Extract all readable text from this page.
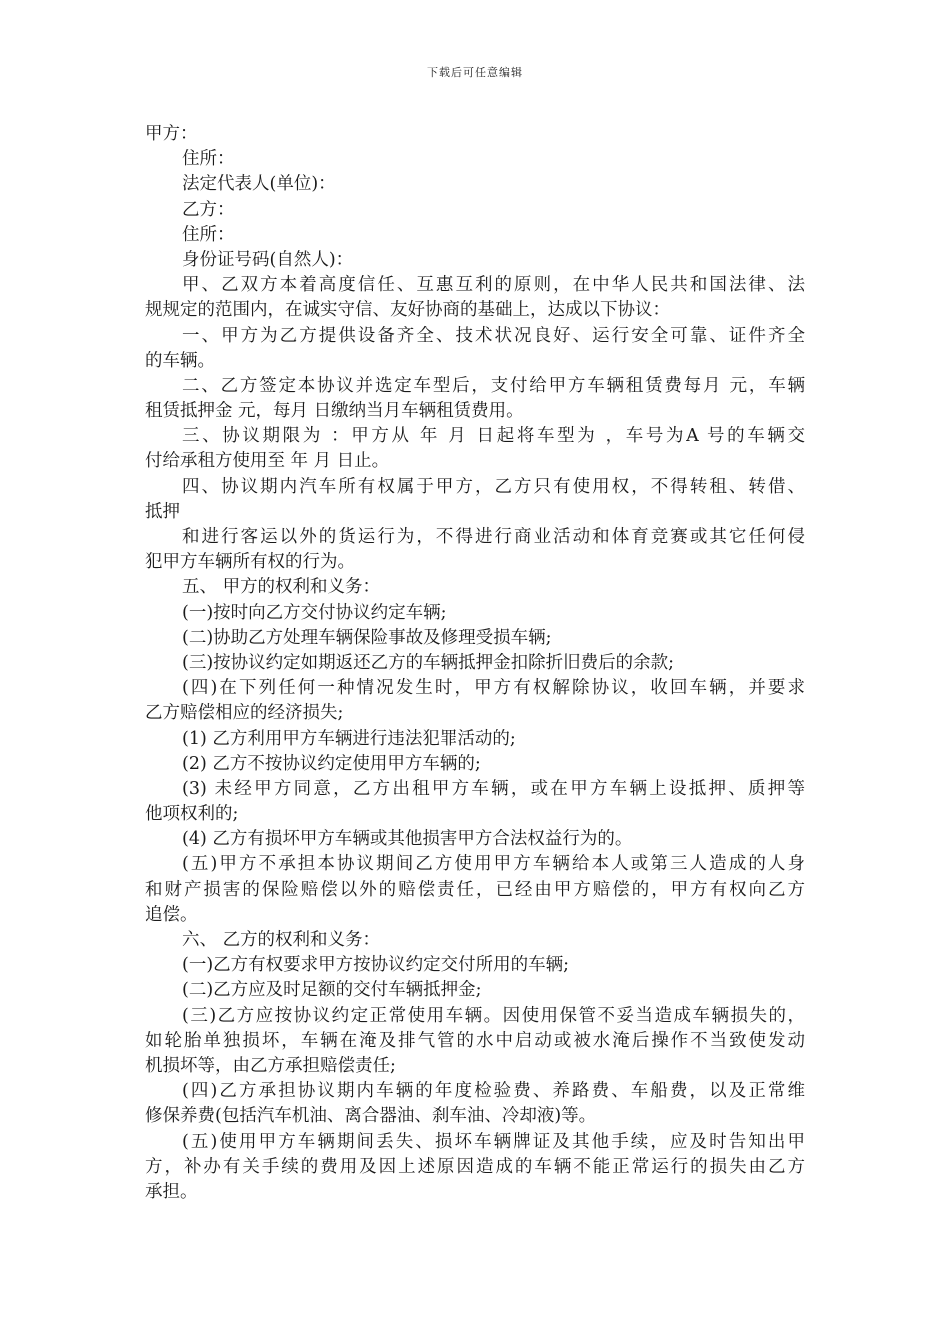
下载后可任意编辑
甲方：
住所：
法定代表人(单位)：
乙方：
住所：
身份证号码(自然人)：
甲、乙双方本着高度信任、互惠互利的原则，在中华人民共和国法律、法
规规定的范围内，在诚实守信、友好协商的基础上，达成以下协议：
一、甲方为乙方提供设备齐全、技术状况良好、运行安全可靠、证件齐全
的车辆。
二、乙方签定本协议并选定车型后，支付给甲方车辆租赁费每月 元，车辆
租赁抵押金 元，每月 日缴纳当月车辆租赁费用。
三、协议期限为 ：甲方从 年 月 日起将车型为 ，车号为A 号的车辆交
付给承租方使用至 年 月 日止。
四、协议期内汽车所有权属于甲方，乙方只有使用权，不得转租、转借、
抵押
和进行客运以外的货运行为，不得进行商业活动和体育竞赛或其它任何侵
犯甲方车辆所有权的行为。
五、 甲方的权利和义务：
(一)按时向乙方交付协议约定车辆;
(二)协助乙方处理车辆保险事故及修理受损车辆;
(三)按协议约定如期返还乙方的车辆抵押金扣除折旧费后的余款;
(四)在下列任何一种情况发生时，甲方有权解除协议，收回车辆，并要求
乙方赔偿相应的经济损失;
(1) 乙方利用甲方车辆进行违法犯罪活动的;
(2) 乙方不按协议约定使用甲方车辆的;
(3) 未经甲方同意，乙方出租甲方车辆，或在甲方车辆上设抵押、质押等
他项权利的;
(4) 乙方有损坏甲方车辆或其他损害甲方合法权益行为的。
(五)甲方不承担本协议期间乙方使用甲方车辆给本人或第三人造成的人身
和财产损害的保险赔偿以外的赔偿责任，已经由甲方赔偿的，甲方有权向乙方
追偿。
六、 乙方的权利和义务：
(一)乙方有权要求甲方按协议约定交付所用的车辆;
(二)乙方应及时足额的交付车辆抵押金;
(三)乙方应按协议约定正常使用车辆。因使用保管不妥当造成车辆损失的，
如轮胎单独损坏，车辆在淹及排气管的水中启动或被水淹后操作不当致使发动
机损坏等，由乙方承担赔偿责任;
(四)乙方承担协议期内车辆的年度检验费、养路费、车船费，以及正常维
修保养费(包括汽车机油、离合器油、刹车油、冷却液)等。
(五)使用甲方车辆期间丢失、损坏车辆牌证及其他手续，应及时告知出甲
方，补办有关手续的费用及因上述原因造成的车辆不能正常运行的损失由乙方
承担。
